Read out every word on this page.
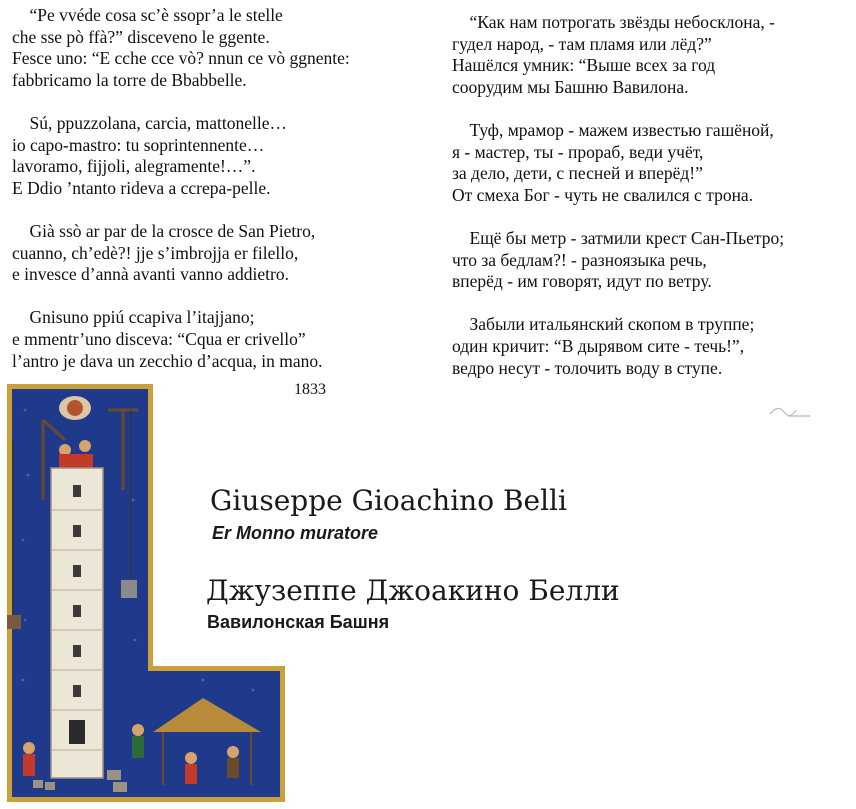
“Pe vvéde cosa sc’è ssopr’a le stelle
che sse pò ffà?” disceveno le ggente.
Fesce uno: “E cche cce vò? nnun ce vò ggnente:
fabbricamo la torre de Bbabbelle.
Sú, ppuzzolana, carcia, mattonelle…
io capo-mastro: tu soprintennente…
lavoramo, fijjoli, alegramente!…”.
E Ddio ’ntanto rideva a ccrepa-pelle.
Già ssò ar par de la crosce de San Pietro,
cuanno, ch’edè?! jje s’imbrojja er filello,
e invesce d’annà avanti vanno addietro.
Gnisuno ppiú ccapiva l’itajjano;
e mmentr’uno disceva: “Cqua er crivello”
l’antro je dava un zecchio d’acqua, in mano.
“Как нам потрогать звёзды небосклона, -
гудел народ, - там пламя или лёд?”
Нашёлся умник: “Выше всех за год
соорудим мы Башню Вавилона.
Туф, мрамор - мажем известью гашёной,
я - мастер, ты - прораб, веди учёт,
за дело, дети, с песней и вперёд!”
От смеха Бог - чуть не свалился с трона.
Ещё бы метр - затмили крест Сан-Пьетро;
что за бедлам?! - разноязыка речь,
вперёд - им говорят, идут по ветру.
Забыли итальянский скопом в труппе;
один кричит: “В дырявом сите - течь!”,
ведро несут - толочить воду в ступе.
1833
Giuseppe Gioachino Belli
Er Monno muratore
Джузеппе Джоакино Белли
Вавилонская Башня
